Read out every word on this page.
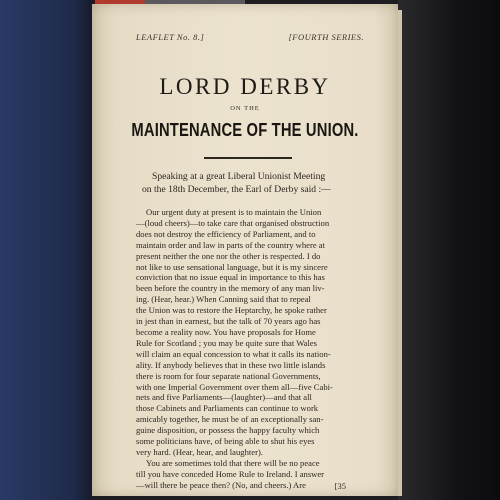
LEAFLET No. 8.]	[FOURTH SERIES.
LORD DERBY
ON THE
MAINTENANCE OF THE UNION.
Speaking at a great Liberal Unionist Meeting
on the 18th December, the Earl of Derby said :—
Our urgent duty at present is to maintain the Union
—(loud cheers)—to take care that organised obstruction
does not destroy the efficiency of Parliament, and to
maintain order and law in parts of the country where at
present neither the one nor the other is respected. I do
not like to use sensational language, but it is my sincere
conviction that no issue equal in importance to this has
been before the country in the memory of any man liv-
ing. (Hear, hear.) When Canning said that to repeal
the Union was to restore the Heptarchy, he spoke rather
in jest than in earnest, but the talk of 70 years ago has
become a reality now. You have proposals for Home
Rule for Scotland ; you may be quite sure that Wales
will claim an equal concession to what it calls its nation-
ality. If anybody believes that in these two little islands
there is room for four separate national Governments,
with one Imperial Government over them all—five Cabi-
nets and five Parliaments—(laughter)—and that all
those Cabinets and Parliaments can continue to work
amicably together, he must be of an exceptionally san-
guine disposition, or possess the happy faculty which
some politicians have, of being able to shut his eyes
very hard. (Hear, hear, and laughter).
You are sometimes told that there will be no peace
till you have conceded Home Rule to Ireland. I answer
—will there be peace then? (No, and cheers.) Are	[35
